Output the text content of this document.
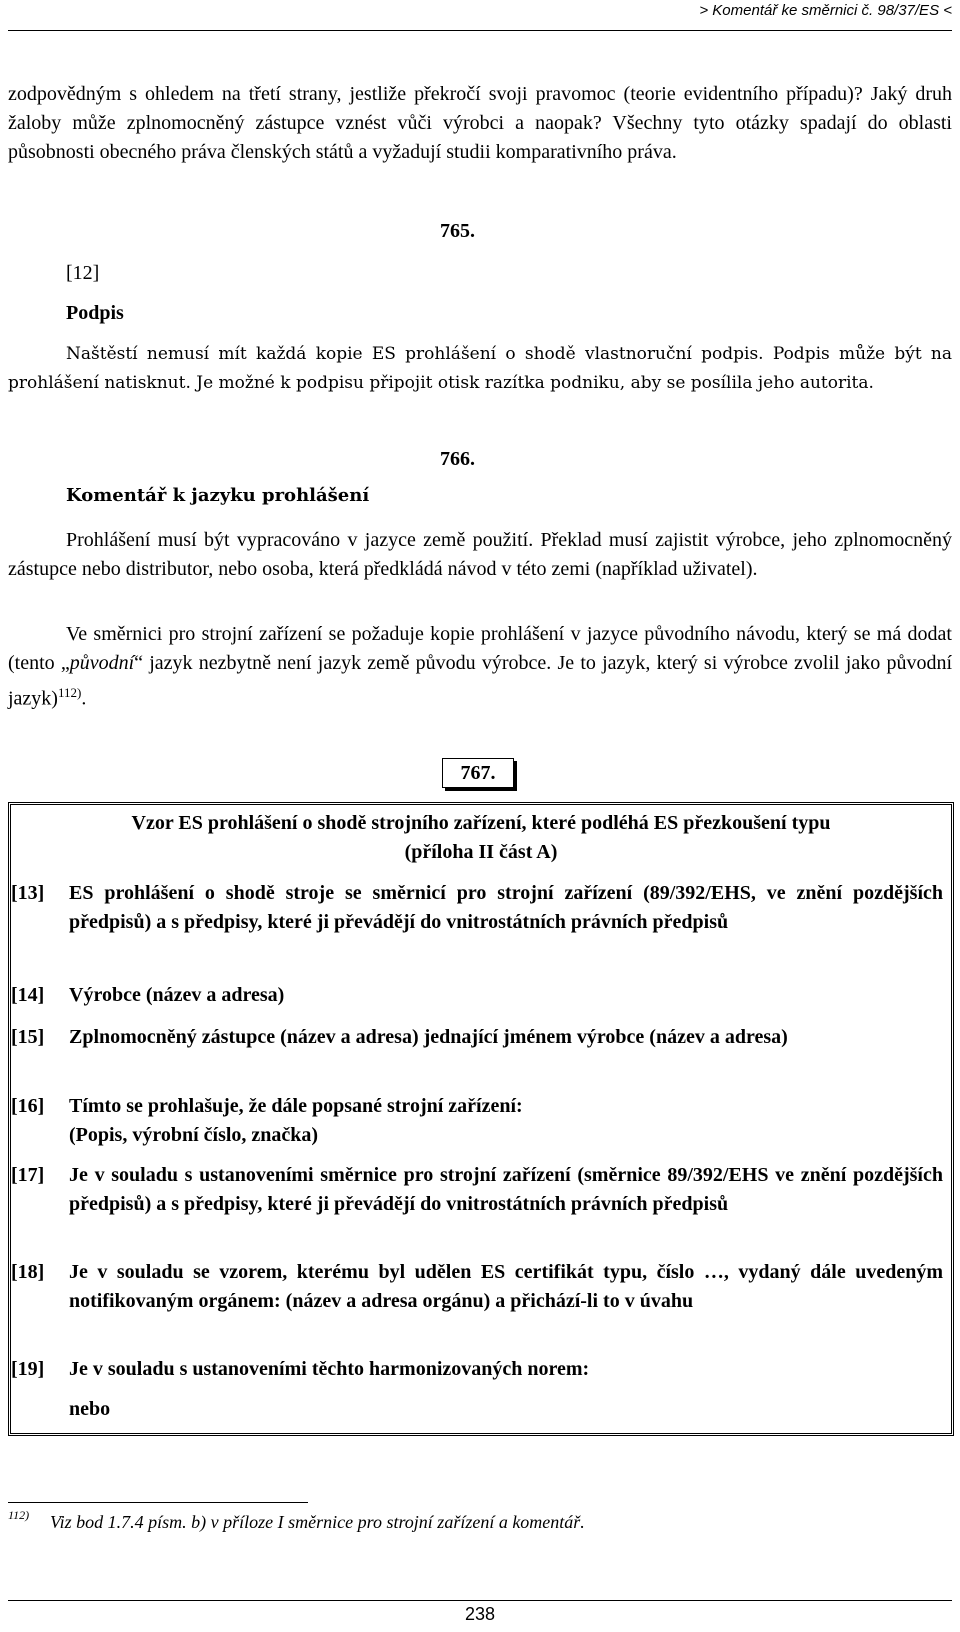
> Komentář ke směrnici č. 98/37/ES <

zodpovědným s ohledem na třetí strany, jestliže překročí svoji pravomoc (teorie evidentního případu)? Jaký druh žaloby může zplnomocněný zástupce vznést vůči výrobci a naopak? Všechny tyto otázky spadají do oblasti působnosti obecného práva členských států a vyžadují studii komparativního práva.

765.
[12]
Podpis

Naštěstí nemusí mít každá kopie ES prohlášení o shodě vlastnoruční podpis. Podpis může být na prohlášení natisknut. Je možné k podpisu připojit otisk razítka podniku, aby se posílila jeho autorita.

766.
Komentář k jazyku prohlášení

Prohlášení musí být vypracováno v jazyce země použití. Překlad musí zajistit výrobce, jeho zplnomocněný zástupce nebo distributor, nebo osoba, která předkládá návod v této zemi (například uživatel).

Ve směrnici pro strojní zařízení se požaduje kopie prohlášení v jazyce původního návodu, který se má dodat (tento „původní“ jazyk nezbytně není jazyk země původu výrobce. Je to jazyk, který si výrobce zvolil jako původní jazyk)$^{112)}$.

767.
Vzor ES prohlášení o shodě strojního zařízení, které podléhá ES přezkoušení typu
(příloha II část A)
[13]	ES prohlášení o shodě stroje se směrnicí pro strojní zařízení (89/392/EHS, ve znění pozdějších předpisů) a s předpisy, které ji převádějí do vnitrostátních právních předpisů
[14]	Výrobce (název a adresa)
[15]	Zplnomocněný zástupce (název a adresa) jednající jménem výrobce (název a adresa)
[16]	Tímto se prohlašuje, že dále popsané strojní zařízení:
(Popis, výrobní číslo, značka)
[17]	Je v souladu s ustanoveními směrnice pro strojní zařízení (směrnice 89/392/EHS ve znění pozdějších předpisů) a s předpisy, které ji převádějí do vnitrostátních právních předpisů
[18]	Je v souladu se vzorem, kterému byl udělen ES certifikát typu, číslo …, vydaný dále uvedeným notifikovaným orgánem: (název a adresa orgánu) a přichází-li to v úvahu
[19]	Je v souladu s ustanoveními těchto harmonizovaných norem:
nebo
112) Viz bod 1.7.4 písm. b) v příloze I směrnice pro strojní zařízení a komentář.
238
